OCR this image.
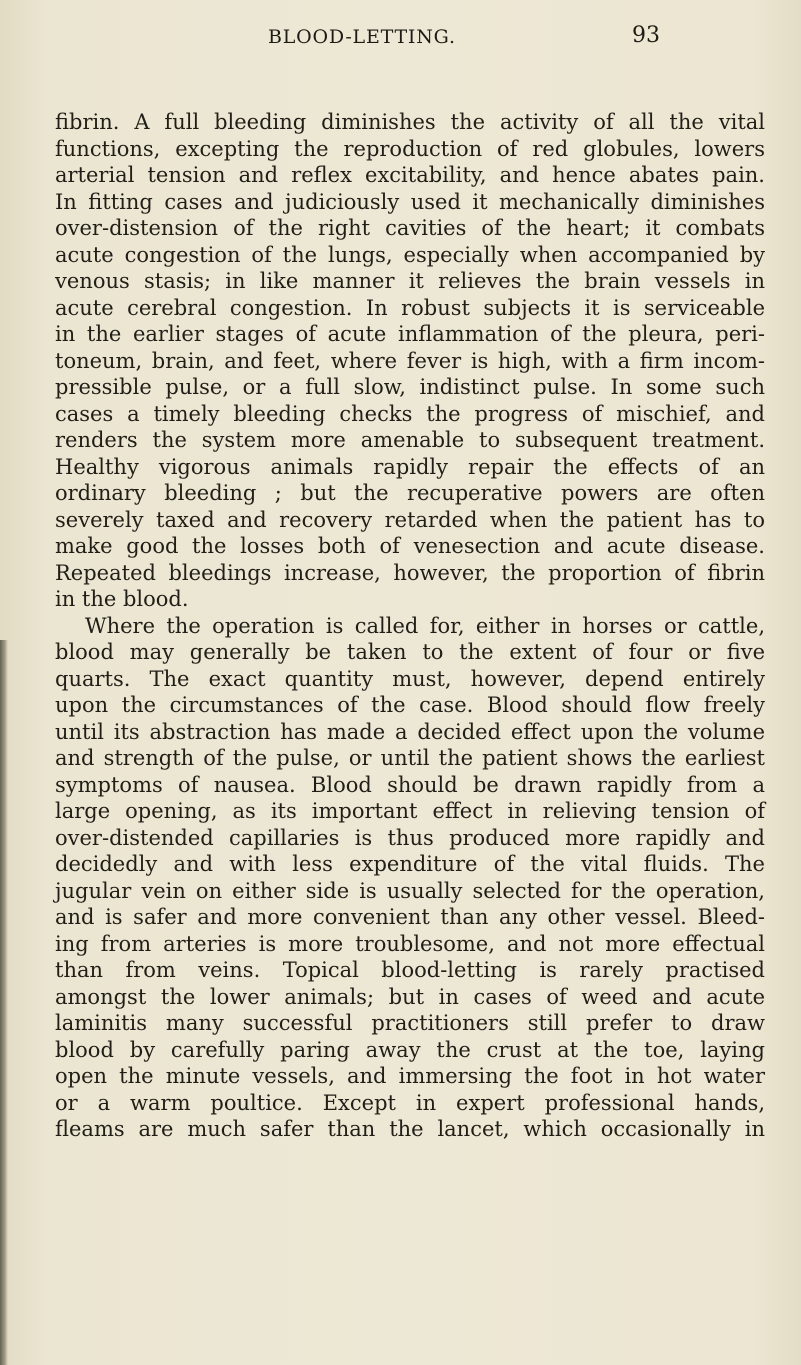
BLOOD-LETTING.	93
fibrin. A full bleeding diminishes the activity of all the vital
functions, excepting the reproduction of red globules, lowers
arterial tension and reflex excitability, and hence abates pain.
In fitting cases and judiciously used it mechanically diminishes
over-distension of the right cavities of the heart; it combats
acute congestion of the lungs, especially when accompanied by
venous stasis; in like manner it relieves the brain vessels in
acute cerebral congestion. In robust subjects it is serviceable
in the earlier stages of acute inflammation of the pleura, peri-
toneum, brain, and feet, where fever is high, with a firm incom-
pressible pulse, or a full slow, indistinct pulse. In some such
cases a timely bleeding checks the progress of mischief, and
renders the system more amenable to subsequent treatment.
Healthy vigorous animals rapidly repair the effects of an
ordinary bleeding ; but the recuperative powers are often
severely taxed and recovery retarded when the patient has to
make good the losses both of venesection and acute disease.
Repeated bleedings increase, however, the proportion of fibrin
in the blood.
Where the operation is called for, either in horses or cattle,
blood may generally be taken to the extent of four or five
quarts. The exact quantity must, however, depend entirely
upon the circumstances of the case. Blood should flow freely
until its abstraction has made a decided effect upon the volume
and strength of the pulse, or until the patient shows the earliest
symptoms of nausea. Blood should be drawn rapidly from a
large opening, as its important effect in relieving tension of
over-distended capillaries is thus produced more rapidly and
decidedly and with less expenditure of the vital fluids. The
jugular vein on either side is usually selected for the operation,
and is safer and more convenient than any other vessel. Bleed-
ing from arteries is more troublesome, and not more effectual
than from veins. Topical blood-letting is rarely practised
amongst the lower animals; but in cases of weed and acute
laminitis many successful practitioners still prefer to draw
blood by carefully paring away the crust at the toe, laying
open the minute vessels, and immersing the foot in hot water
or a warm poultice. Except in expert professional hands,
fleams are much safer than the lancet, which occasionally in
